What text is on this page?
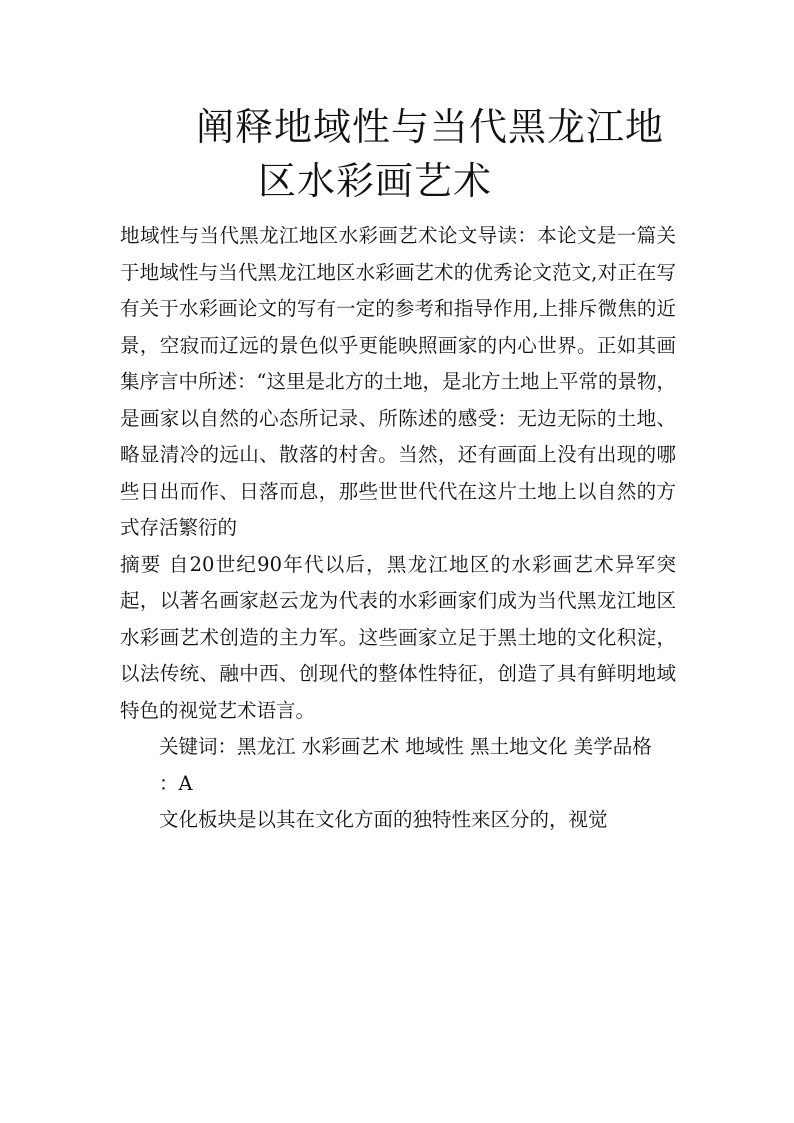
阐释地域性与当代黑龙江地
区水彩画艺术

地域性与当代黑龙江地区水彩画艺术论文导读：本论文是一篇关于地域性与当代黑龙江地区水彩画艺术的优秀论文范文,对正在写有关于水彩画论文的写有一定的参考和指导作用,上排斥微焦的近景，空寂而辽远的景色似乎更能映照画家的内心世界。正如其画集序言中所述：“这里是北方的土地，是北方土地上平常的景物，是画家以自然的心态所记录、所陈述的感受：无边无际的土地、略显清冷的远山、散落的村舍。当然，还有画面上没有出现的哪些日出而作、日落而息，那些世世代代在这片土地上以自然的方式存活繁衍的

摘要 自20世纪90年代以后，黑龙江地区的水彩画艺术异军突起，以著名画家赵云龙为代表的水彩画家们成为当代黑龙江地区水彩画艺术创造的主力军。这些画家立足于黑土地的文化积淀，以法传统、融中西、创现代的整体性特征，创造了具有鲜明地域特色的视觉艺术语言。

关键词：黑龙江 水彩画艺术 地域性 黑土地文化 美学品格

：A

文化板块是以其在文化方面的独特性来区分的，视觉
